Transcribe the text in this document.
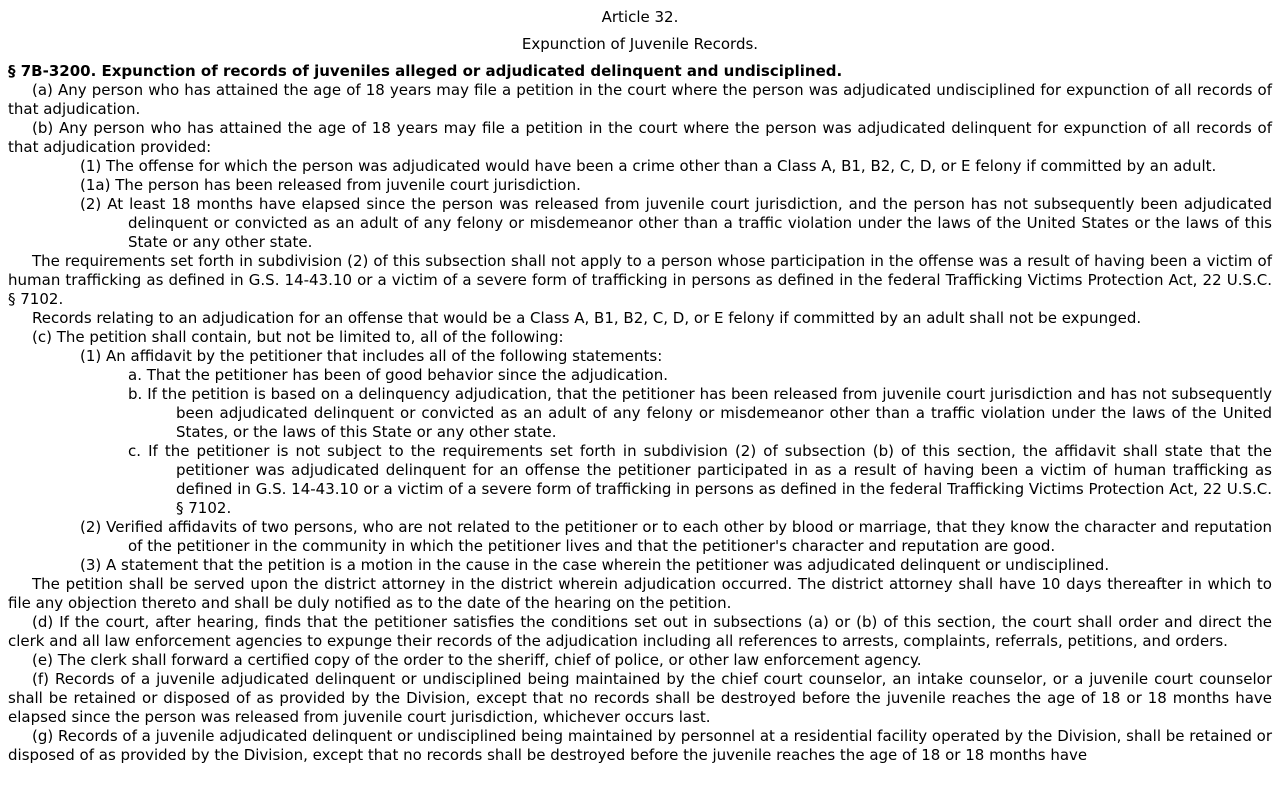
Article 32.
Expunction of Juvenile Records.
§ 7B-3200. Expunction of records of juveniles alleged or adjudicated delinquent and undisciplined.

(a) Any person who has attained the age of 18 years may file a petition in the court where the person was adjudicated undisciplined for expunction of all records of that adjudication.

(b) Any person who has attained the age of 18 years may file a petition in the court where the person was adjudicated delinquent for expunction of all records of that adjudication provided:

(1) The offense for which the person was adjudicated would have been a crime other than a Class A, B1, B2, C, D, or E felony if committed by an adult.

(1a) The person has been released from juvenile court jurisdiction.

(2) At least 18 months have elapsed since the person was released from juvenile court jurisdiction, and the person has not subsequently been adjudicated delinquent or convicted as an adult of any felony or misdemeanor other than a traffic violation under the laws of the United States or the laws of this State or any other state.

The requirements set forth in subdivision (2) of this subsection shall not apply to a person whose participation in the offense was a result of having been a victim of human trafficking as defined in G.S. 14-43.10 or a victim of a severe form of trafficking in persons as defined in the federal Trafficking Victims Protection Act, 22 U.S.C. § 7102.

Records relating to an adjudication for an offense that would be a Class A, B1, B2, C, D, or E felony if committed by an adult shall not be expunged.

(c) The petition shall contain, but not be limited to, all of the following:

(1) An affidavit by the petitioner that includes all of the following statements:

a. That the petitioner has been of good behavior since the adjudication.

b. If the petition is based on a delinquency adjudication, that the petitioner has been released from juvenile court jurisdiction and has not subsequently been adjudicated delinquent or convicted as an adult of any felony or misdemeanor other than a traffic violation under the laws of the United States, or the laws of this State or any other state.

c. If the petitioner is not subject to the requirements set forth in subdivision (2) of subsection (b) of this section, the affidavit shall state that the petitioner was adjudicated delinquent for an offense the petitioner participated in as a result of having been a victim of human trafficking as defined in G.S. 14-43.10 or a victim of a severe form of trafficking in persons as defined in the federal Trafficking Victims Protection Act, 22 U.S.C. § 7102.

(2) Verified affidavits of two persons, who are not related to the petitioner or to each other by blood or marriage, that they know the character and reputation of the petitioner in the community in which the petitioner lives and that the petitioner's character and reputation are good.

(3) A statement that the petition is a motion in the cause in the case wherein the petitioner was adjudicated delinquent or undisciplined.

The petition shall be served upon the district attorney in the district wherein adjudication occurred. The district attorney shall have 10 days thereafter in which to file any objection thereto and shall be duly notified as to the date of the hearing on the petition.

(d) If the court, after hearing, finds that the petitioner satisfies the conditions set out in subsections (a) or (b) of this section, the court shall order and direct the clerk and all law enforcement agencies to expunge their records of the adjudication including all references to arrests, complaints, referrals, petitions, and orders.

(e) The clerk shall forward a certified copy of the order to the sheriff, chief of police, or other law enforcement agency.

(f) Records of a juvenile adjudicated delinquent or undisciplined being maintained by the chief court counselor, an intake counselor, or a juvenile court counselor shall be retained or disposed of as provided by the Division, except that no records shall be destroyed before the juvenile reaches the age of 18 or 18 months have elapsed since the person was released from juvenile court jurisdiction, whichever occurs last.

(g) Records of a juvenile adjudicated delinquent or undisciplined being maintained by personnel at a residential facility operated by the Division, shall be retained or disposed of as provided by the Division, except that no records shall be destroyed before the juvenile reaches the age of 18 or 18 months have
